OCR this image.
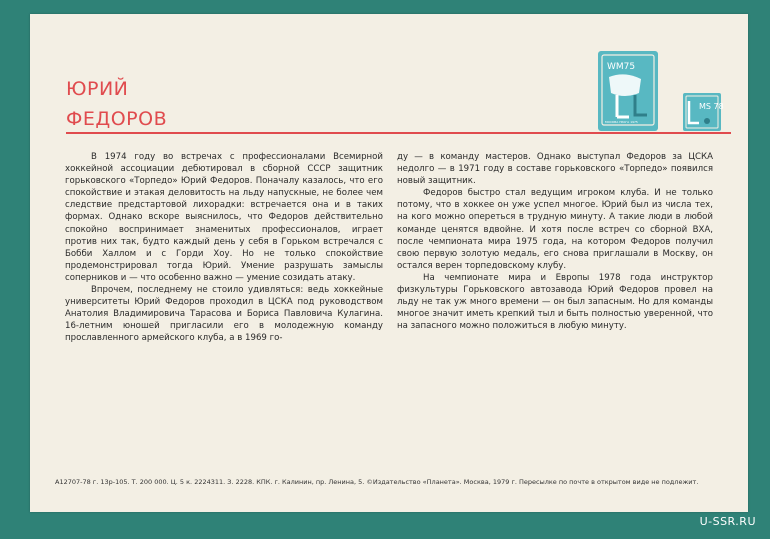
ЮРИЙ
ФЕДОРОВ
WM75
МОСКВА ПРАГА 1975
MS 78

В 1974 году во встречах с профессионалами Всемирной хоккейной ассоциации дебютировал в сборной СССР защитник горьковского «Торпедо» Юрий Федоров. Поначалу казалось, что его спокойствие и этакая деловитость на льду напускные, не более чем следствие предстартовой лихорадки: встречается она и в таких формах. Однако вскоре выяснилось, что Федоров действительно спокойно воспринимает знаменитых профессионалов, играет против них так, будто каждый день у себя в Горьком встречался с Бобби Халлом и с Горди Хоу. Но не только спокойствие продемонстрировал тогда Юрий. Умение разрушать замыслы соперников и — что особенно важно — умение созидать атаку.

Впрочем, последнему не стоило удивляться: ведь хоккейные университеты Юрий Федоров проходил в ЦСКА под руководством Анатолия Владимировича Тарасова и Бориса Павловича Кулагина. 16-летним юношей пригласили его в молодежную команду прославленного армейского клуба, а в 1969 го-

ду — в команду мастеров. Однако выступал Федоров за ЦСКА недолго — в 1971 году в составе горьковского «Торпедо» появился новый защитник.

Федоров быстро стал ведущим игроком клуба. И не только потому, что в хоккее он уже успел многое. Юрий был из числа тех, на кого можно опереться в трудную минуту. А такие люди в любой команде ценятся вдвойне. И хотя после встреч со сборной ВХА, после чемпионата мира 1975 года, на котором Федоров получил свою первую золотую медаль, его снова приглашали в Москву, он остался верен торпедовскому клубу.

На чемпионате мира и Европы 1978 года инструктор физкультуры Горьковского автозавода Юрий Федоров провел на льду не так уж много времени — он был запасным. Но для команды многое значит иметь крепкий тыл и быть полностью уверенной, что на запасного можно положиться в любую минуту.

А12707-78 г. 13р-105. Т. 200 000. Ц. 5 к. 2224311. З. 2228. КПК. г. Калинин, пр. Ленина, 5. ©Издательство «Планета». Москва, 1979 г. Пересылке по почте в открытом виде не подлежит.
U-SSR.RU
